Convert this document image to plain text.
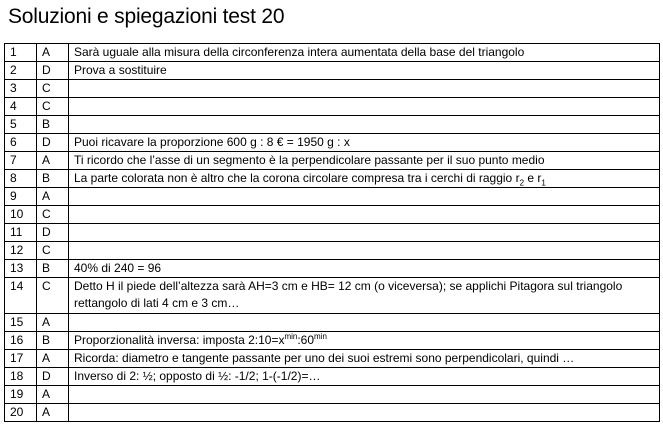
Soluzioni e spiegazioni test 20
1	A	Sarà uguale alla misura della circonferenza intera aumentata della base del triangolo
2	D	Prova a sostituire
3	C	
4	C	
5	B	
6	D	Puoi ricavare la proporzione 600 g : 8 € = 1950 g : x
7	A	Ti ricordo che l’asse di un segmento è la perpendicolare passante per il suo punto medio
8	B	La parte colorata non è altro che la corona circolare compresa tra i cerchi di raggio $r_2$ e $r_1$
9	A	
10	C	
11	D	
12	C	
13	B	40% di 240 = 96
14	C	Detto H il piede dell’altezza sarà AH=3 cm e HB= 12 cm (o viceversa); se applichi Pitagora sul triangolo rettangolo di lati 4 cm e 3 cm…
15	A	
16	B	Proporzionalità inversa: imposta $2:10=x^{min}:60^{min}$
17	A	Ricorda: diametro e tangente passante per uno dei suoi estremi sono perpendicolari, quindi …
18	D	Inverso di 2: ½; opposto di ½: -1/2; 1-(-1/2)=…
19	A	
20	A	
